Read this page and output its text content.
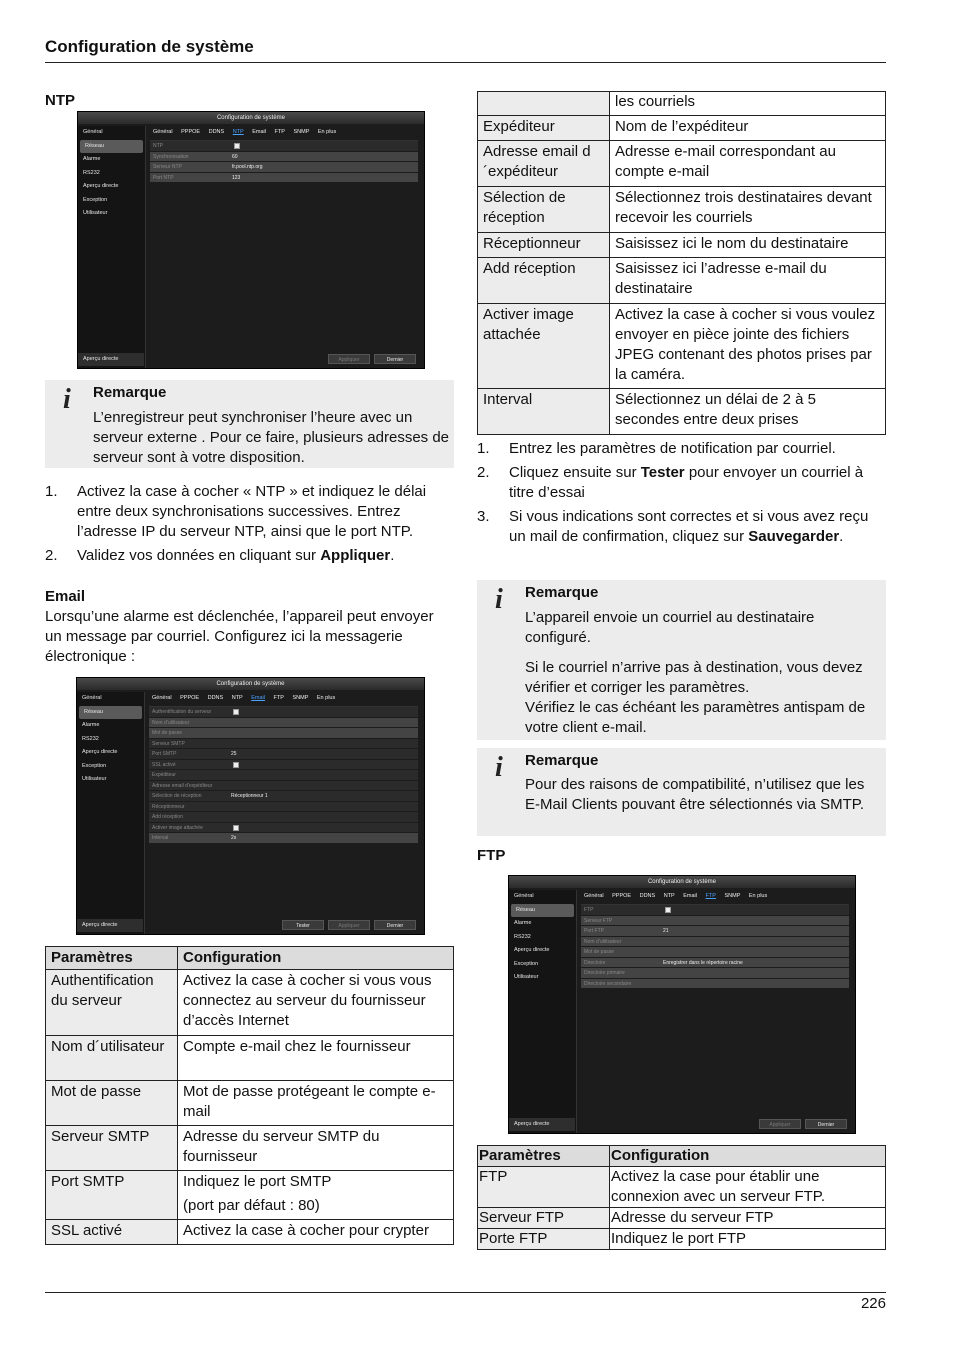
Configuration de système
NTP
Configuration de système
Général
Réseau
Alarme
RS232
Aperçu directe
Exception
Utilisateur
Aperçu directe
Général PPPOE DDNS NTP Email FTP SNMP En plus
NTP
Synchronisation	60
Serveur NTP	fr.pool.ntp.org
Port NTP	123
Appliquer	Dernier
i Remarque

L’enregistreur peut synchroniser l’heure avec un serveur externe . Pour ce faire, plusieurs adresses de serveur sont à votre disposition.

1. Activez la case à cocher « NTP » et indiquez le délai entre deux synchronisations successives. Entrez l’adresse IP du serveur NTP, ainsi que le port NTP.
2. Validez vos données en cliquant sur Appliquer.
Email

Lorsqu’une alarme est déclenchée, l’appareil peut envoyer un message par courriel. Configurez ici la messagerie électronique :

Configuration de système
Général
Réseau
Alarme
RS232
Aperçu directe
Exception
Utilisateur
Aperçu directe
Général PPPOE DDNS NTP Email FTP SNMP En plus
Authentification du serveur
Nom d’utilisateur
Mot de passe
Serveur SMTP
Port SMTP	25
SSL activé
Expéditeur
Adresse email d’expéditeur
Sélection de réception	Réceptionneur 1
Réceptionneur
Add réception
Activer image attachée
Interval	2s
Tester	Appliquer	Dernier
Paramètres	Configuration
Authentification du serveur	Activez la case à cocher si vous vous connectez au serveur du fournisseur d’accès Internet
Nom d´utilisateur	Compte e-mail chez le fournisseur
Mot de passe	Mot de passe protégeant le compte e-mail
Serveur SMTP	Adresse du serveur SMTP du fournisseur
Port SMTP	Indiquez le port SMTP
(port par défaut : 80)

SSL activé	Activez la case à cocher pour crypter
	les courriels
Expéditeur	Nom de l’expéditeur
Adresse email d´expéditeur	Adresse e-mail correspondant au compte e-mail
Sélection de réception	Sélectionnez trois destinataires devant recevoir les courriels
Réceptionneur	Saisissez ici le nom du destinataire
Add réception	Saisissez ici l’adresse e-mail du destinataire
Activer image attachée	Activez la case à cocher si vous voulez envoyer en pièce jointe des fichiers JPEG contenant des photos prises par la caméra.
Interval	Sélectionnez un délai de 2 à 5 secondes entre deux prises
1. Entrez les paramètres de notification par courriel.
2. Cliquez ensuite sur Tester pour envoyer un courriel à titre d’essai
3. Si vous indications sont correctes et si vous avez reçu un mail de confirmation, cliquez sur Sauvegarder.
i Remarque

L’appareil envoie un courriel au destinataire configuré.

Si le courriel n’arrive pas à destination, vous devez vérifier et corriger les paramètres.

Vérifiez le cas échéant les paramètres antispam de votre client e-mail.

i Remarque

Pour des raisons de compatibilité, n’utilisez que les E-Mail Clients pouvant être sélectionnés via SMTP.

FTP
Configuration de système
Général
Réseau
Alarme
RS232
Aperçu directe
Exception
Utilisateur
Aperçu directe
Général PPPOE DDNS NTP Email FTP SNMP En plus
FTP
Serveur FTP
Port FTP	21
Nom d’utilisateur
Mot de passe
Directoire	Enregistrer dans le répertoire racine
Directoire primaire
Directoire secondaire
Appliquer	Dernier
Paramètres	Configuration
FTP	Activez la case pour établir une connexion avec un serveur FTP.
Serveur FTP	Adresse du serveur FTP
Porte FTP	Indiquez le port FTP
226
